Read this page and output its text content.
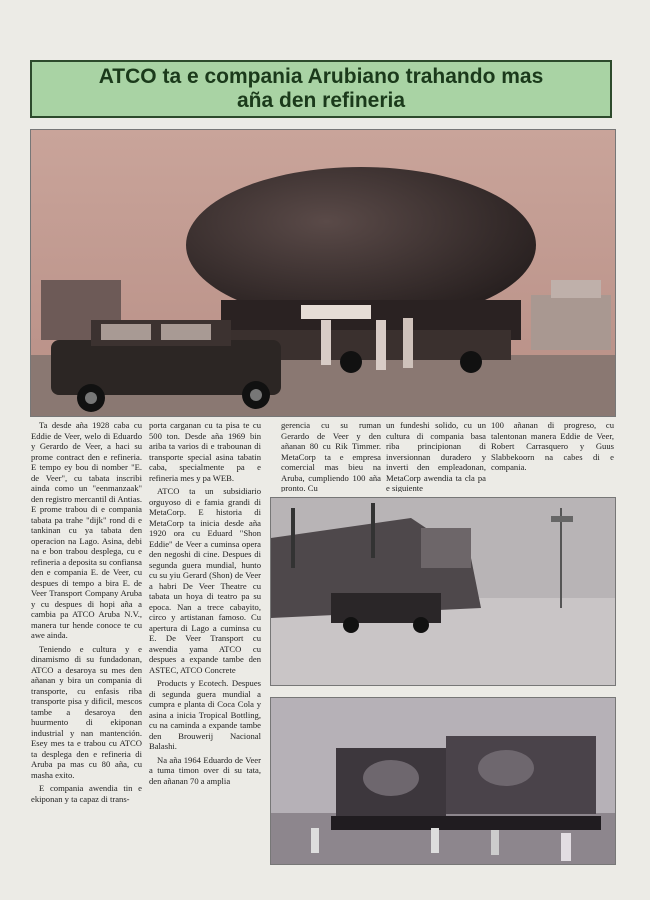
ATCO ta e compania Arubiano trahando mas
aña den refineria

Ta desde aña 1928 caba cu Eddie de Veer, welo di Eduardo y Gerardo de Veer, a haci su prome contract den e refineria. E tempo ey bou di nomber "E. de Veer", cu tabata inscribi ainda como un "eenmanzaak" den registro mercantil di Antias. E prome trabou di e compania tabata pa trahe "dijk" rond di e tankinan cu ya tabata den operacion na Lago. Asina, debi na e bon trabou desplega, cu e refineria a deposita su confiansa den e compania E. de Veer, cu despues di tempo a bira E. de Veer Transport Company Aruba y cu despues di hopi aña a cambia pa ATCO Aruba N.V., manera tur hende conoce te cu awe ainda.

Teniendo e cultura y e dinamismo di su fundadonan, ATCO a desaroya su mes den añanan y bira un compania di transporte, cu enfasis riba transporte pisa y dificil, mescos tambe a desaroya den huurmento di ekiponan industrial y nan mantención. Esey mes ta e trabou cu ATCO ta desplega den e refineria di Aruba pa mas cu 80 aña, cu masha exito.

E compania awendia tin e ekiponan y ta capaz di trans-

porta carganan cu ta pisa te cu 500 ton. Desde aña 1969 bin ariba ta varios di e trabounan di transporte special asina tabatin caba, specialmente pa e refineria mes y pa WEB.

ATCO ta un subsidiario orguyoso di e famia grandi di MetaCorp. E historia di MetaCorp ta inicia desde aña 1920 ora cu Eduard "Shon Eddie" de Veer a cuminsa opera den negoshi di cine. Despues di segunda guera mundial, hunto cu su yiu Gerard (Shon) de Veer a habri De Veer Theatre cu tabata un hoya di teatro pa su epoca. Nan a trece cabayito, circo y artistanan famoso. Cu apertura di Lago a cuminsa cu E. De Veer Transport cu awendia yama ATCO cu despues a expande tambe den ASTEC, ATCO Concrete

Products y Ecotech. Despues di segunda guera mundial a cumpra e planta di Coca Cola y asina a inicia Tropical Bottling, cu na caminda a expande tambe den Brouwerij Nacional Balashi.

Na aña 1964 Eduardo de Veer a tuma timon over di su tata, den añanan 70 a amplia

gerencia cu su ruman Gerardo de Veer y den añanan 80 cu Rik Timmer. MetaCorp ta e empresa comercial mas bieu na Aruba, cumpliendo 100 aña pronto. Cu

un fundeshi solido, cu un cultura di compania basa riba principionan di inversionnan duradero y inverti den empleadonan, MetaCorp awendia ta cla pa e siguiente

100 añanan di progreso, cu talentonan manera Eddie de Veer, Robert Carrasquero y Guus Slabbekoorn na cabes di e compania.
